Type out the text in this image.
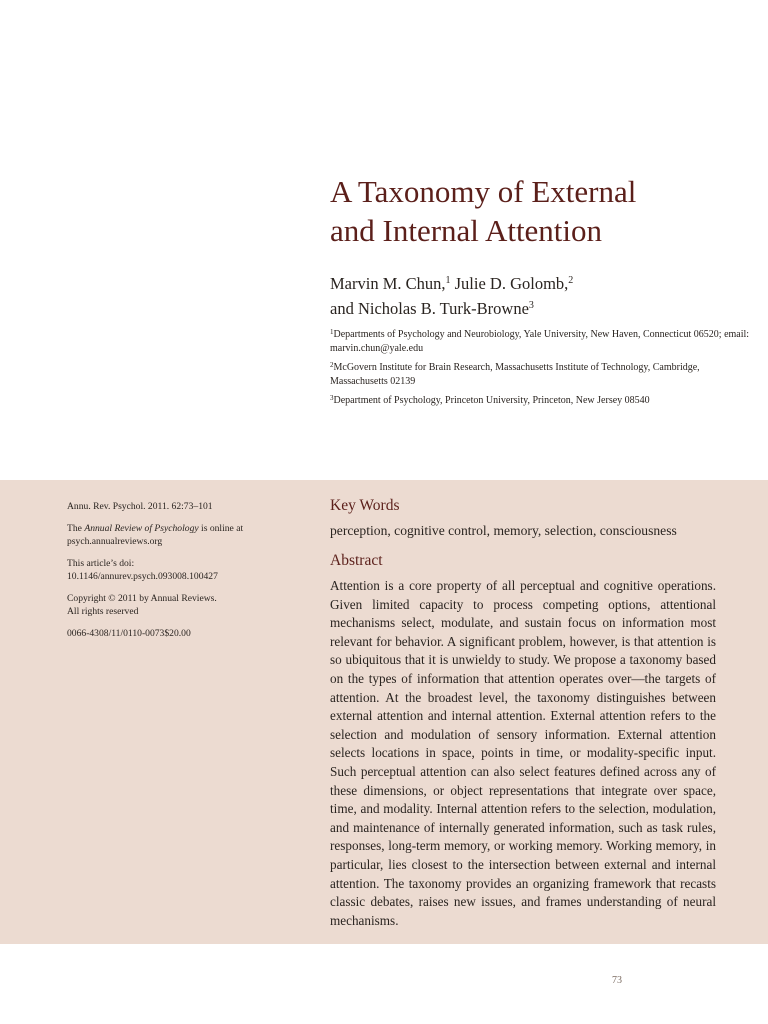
A Taxonomy of External
and Internal Attention
Marvin M. Chun,$^1$ Julie D. Golomb,$^2$
and Nicholas B. Turk-Browne$^3$
$^1$Departments of Psychology and Neurobiology, Yale University, New Haven, Connecticut 06520; email: marvin.chun@yale.edu
$^2$McGovern Institute for Brain Research, Massachusetts Institute of Technology, Cambridge, Massachusetts 02139
$^3$Department of Psychology, Princeton University, Princeton, New Jersey 08540
Annu. Rev. Psychol. 2011. 62:73–101
The Annual Review of Psychology is online at psych.annualreviews.org
This article’s doi:
10.1146/annurev.psych.093008.100427
Copyright © 2011 by Annual Reviews.
All rights reserved
0066-4308/11/0110-0073$20.00
Key Words
perception, cognitive control, memory, selection, consciousness
Abstract
Attention is a core property of all perceptual and cognitive operations. Given limited capacity to process competing options, attentional mechanisms select, modulate, and sustain focus on information most relevant for behavior. A significant problem, however, is that attention is so ubiquitous that it is unwieldy to study. We propose a taxonomy based on the types of information that attention operates over—the targets of attention. At the broadest level, the taxonomy distinguishes between external attention and internal attention. External attention refers to the selection and modulation of sensory information. External attention selects locations in space, points in time, or modality-specific input. Such perceptual attention can also select features defined across any of these dimensions, or object representations that integrate over space, time, and modality. Internal attention refers to the selection, modulation, and maintenance of internally generated information, such as task rules, responses, long-term memory, or working memory. Working memory, in particular, lies closest to the intersection between external and internal attention. The taxonomy provides an organizing framework that recasts classic debates, raises new issues, and frames understanding of neural mechanisms.
73
